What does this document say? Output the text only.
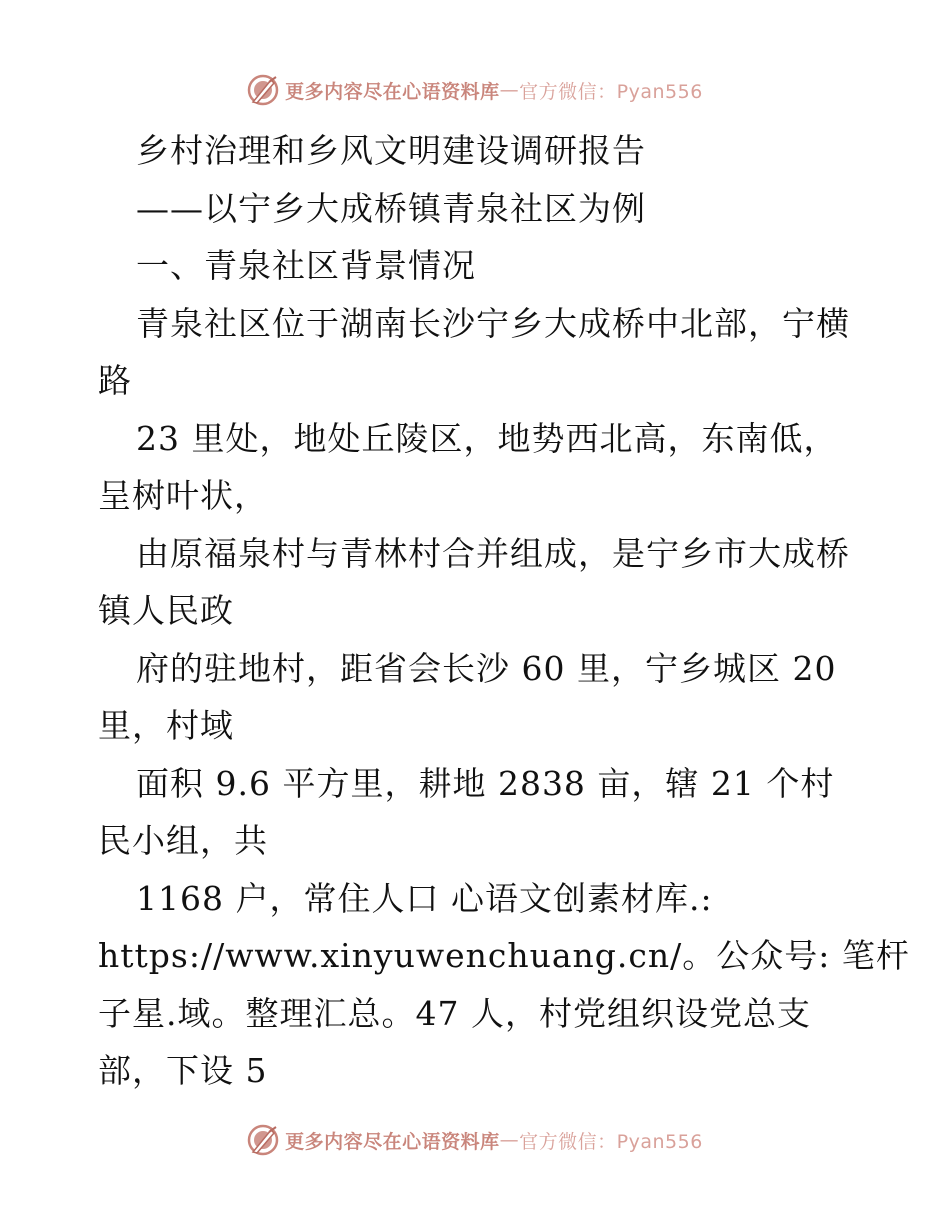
更多内容尽在心语资料库 — 官方微信：Pyan556
乡村治理和乡风文明建设调研报告
——以宁乡大成桥镇青泉社区为例
一、青泉社区背景情况
青泉社区位于湖南长沙宁乡大成桥中北部，宁横
路
23 里处，地处丘陵区，地势西北高，东南低，
呈树叶状，
由原福泉村与青林村合并组成，是宁乡市大成桥
镇人民政
府的驻地村，距省会长沙 60 里，宁乡城区 20
里，村域
面积 9.6 平方里，耕地 2838 亩，辖 21 个村
民小组，共
1168 户，常住人口 心语文创素材库.:
https://www.xinyuwenchuang.cn/。公众号: 笔杆
子星.域。整理汇总。47 人，村党组织设党总支
部，下设 5
更多内容尽在心语资料库 — 官方微信：Pyan556
